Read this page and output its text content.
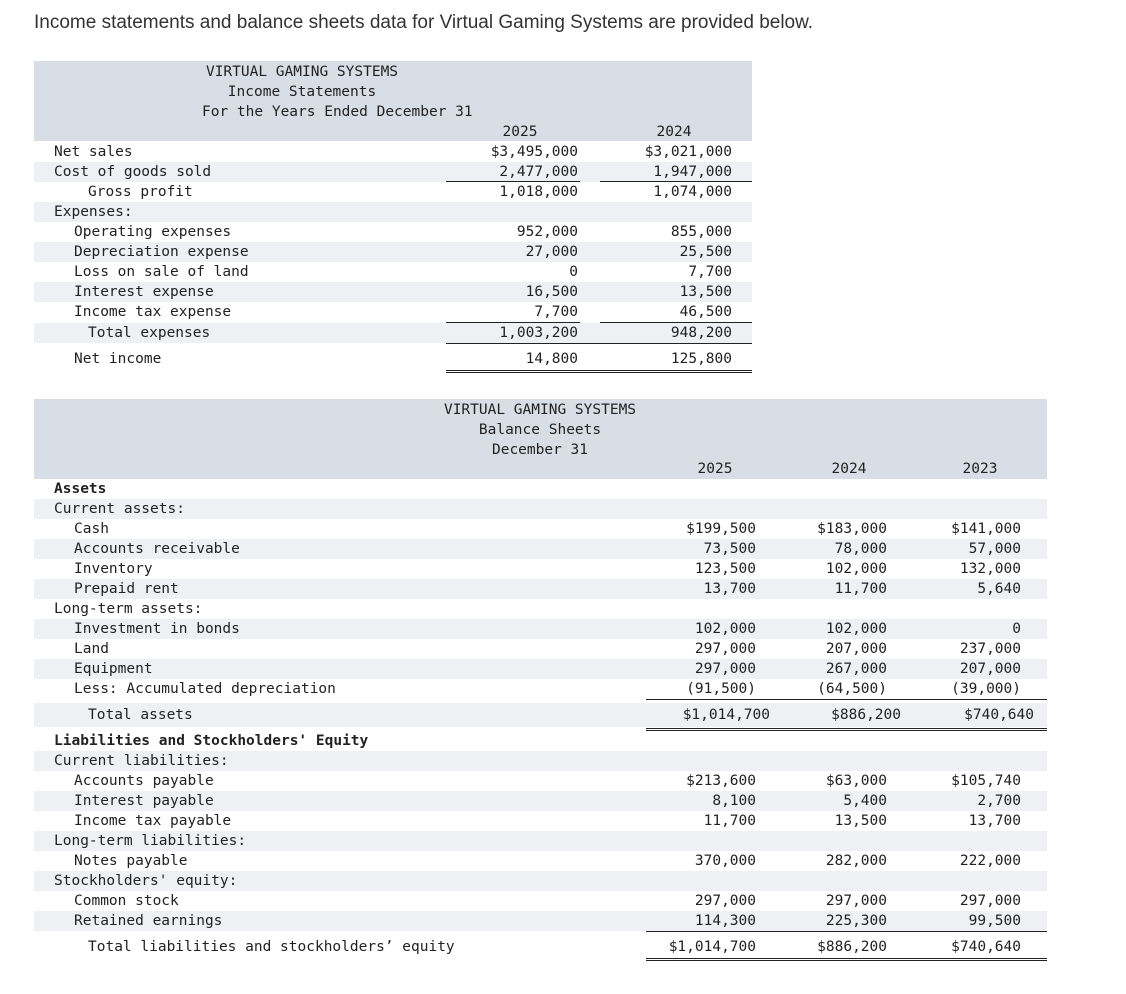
Income statements and balance sheets data for Virtual Gaming Systems are provided below.
VIRTUAL GAMING SYSTEMS
Income Statements
For the Years Ended December 31
2025	2024
Net sales	$3,495,000	$3,021,000
Cost of goods sold	2,477,000	1,947,000
Gross profit	1,018,000	1,074,000
Expenses:
Operating expenses	952,000	855,000
Depreciation expense	27,000	25,500
Loss on sale of land	0	7,700
Interest expense	16,500	13,500
Income tax expense	7,700	46,500
Total expenses	1,003,200	948,200
Net income	14,800	125,800
VIRTUAL GAMING SYSTEMS
Balance Sheets
December 31
2025	2024	2023
Assets
Current assets:
Cash	$199,500	$183,000	$141,000
Accounts receivable	73,500	78,000	57,000
Inventory	123,500	102,000	132,000
Prepaid rent	13,700	11,700	5,640
Long-term assets:
Investment in bonds	102,000	102,000	0
Land	297,000	207,000	237,000
Equipment	297,000	267,000	207,000
Less: Accumulated depreciation	(91,500)	(64,500)	(39,000)
Total assets	$1,014,700	$886,200	$740,640
Liabilities and Stockholders' Equity
Current liabilities:
Accounts payable	$213,600	$63,000	$105,740
Interest payable	8,100	5,400	2,700
Income tax payable	11,700	13,500	13,700
Long-term liabilities:
Notes payable	370,000	282,000	222,000
Stockholders' equity:
Common stock	297,000	297,000	297,000
Retained earnings	114,300	225,300	99,500
Total liabilities and stockholders’ equity	$1,014,700	$886,200	$740,640
